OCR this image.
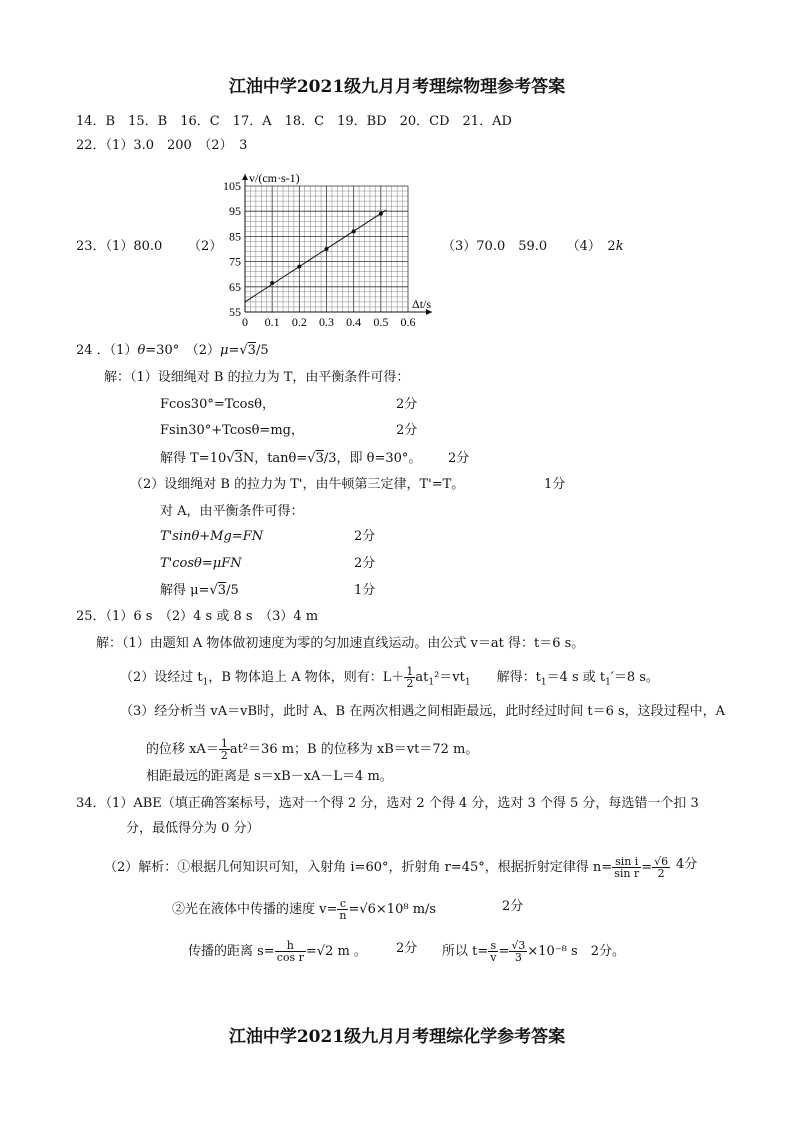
江油中学2021级九月月考理综物理参考答案
14．B　15．B　16．C　17．A　18．C　19．BD　20．CD　21．AD
22．（1）3.0　200　（2）　3
23．（1）80.0 （2）	（3）70.0　59.0　　（4）　2k
0 0.1 0.2 0.3 0.4 0.5 0.6
55
65
75
85
95
105
v/(cm·s-1)
Δt/s
24 ．（1）θ=30°　（2）μ=√3/5
解：（1）设细绳对 B 的拉力为 T，由平衡条件可得：
Fcos30°=Tcosθ，	2分
Fsin30°+Tcosθ=mg，	2分
解得 T=10√3N，tanθ=√3/3，即 θ=30°。 2分
（2）设细绳对 B 的拉力为 T'，由牛顿第三定律，T'=T。	1分
对 A，由平衡条件可得：
T'sinθ+Mg=FN	2分
T'cosθ=μFN	2分
解得 μ=√3/5	1分
25．（1）6 s　（2）4 s 或 8 s　（3）4 m
解：（1）由题知 A 物体做初速度为零的匀加速直线运动。由公式 v＝at 得：t＝6 s。
（2）设经过 $t_1$，B 物体追上 A 物体，则有：$L+ \frac{1}{2} at_1^2=vt_1$　　解得：$t_1=4$ s 或 $t_1'=8$ s。
（3）经分析当 vA＝vB时，此时 A、B 在两次相遇之间相距最远，此时经过时间 t＝6 s，这段过程中，A
的位移 $xA= \frac{1}{2} at^2=36$ m；B 的位移为 xB＝vt＝72 m。
相距最远的距离是 s＝xB－xA－L＝4 m。
34．（1）ABE（填正确答案标号，选对一个得 2 分，选对 2 个得 4 分，选对 3 个得 5 分，每选错一个扣 3
分，最低得分为 0 分）
（2）解析：①根据几何知识可知，入射角 i=60°，折射角 r=45°，根据折射定律得 $n= \frac{\text{sin i}}{\text{sin r}} = \frac{√6}{2} 4$分
②光在液体中传播的速度 $v= \frac{c}{n} =√6\times 10^8$ m/s	2分
传播的距离 $s= \frac{h}{\text{cos r}} =√2$ m 。 2分 所以 $t= \frac{s}{v} = \frac{√3}{3} \times 10^{-8}$ s　2分。
江油中学2021级九月月考理综化学参考答案
